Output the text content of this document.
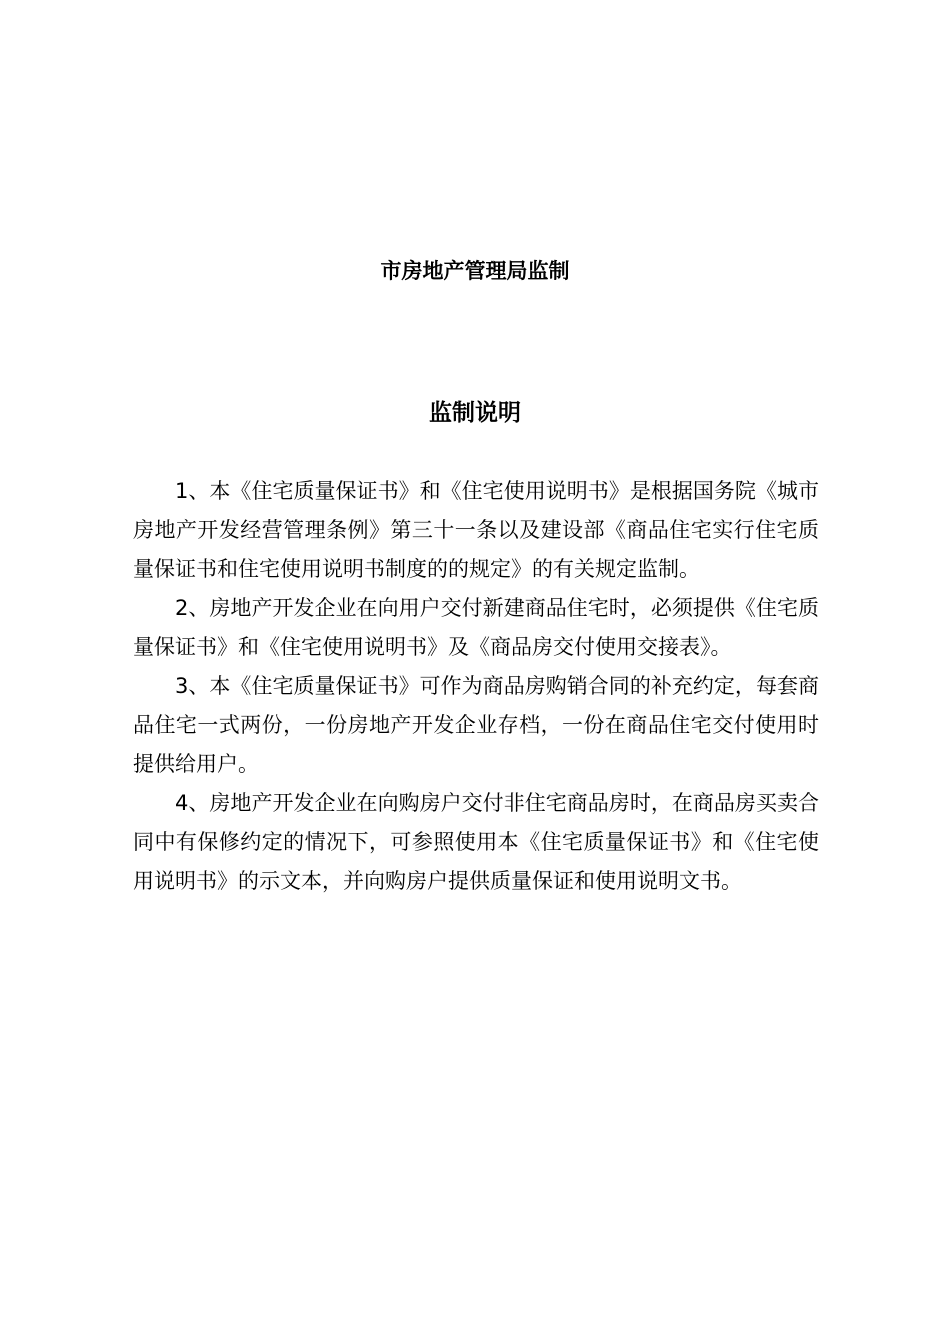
市房地产管理局监制

监制说明

1、本《住宅质量保证书》和《住宅使用说明书》是根据国务院《城市房地产开发经营管理条例》第三十一条以及建设部《商品住宅实行住宅质量保证书和住宅使用说明书制度的的规定》的有关规定监制。

2、房地产开发企业在向用户交付新建商品住宅时，必须提供《住宅质量保证书》和《住宅使用说明书》及《商品房交付使用交接表》。

3、本《住宅质量保证书》可作为商品房购销合同的补充约定，每套商品住宅一式两份，一份房地产开发企业存档，一份在商品住宅交付使用时提供给用户。

4、房地产开发企业在向购房户交付非住宅商品房时，在商品房买卖合同中有保修约定的情况下，可参照使用本《住宅质量保证书》和《住宅使用说明书》的示文本，并向购房户提供质量保证和使用说明文书。
